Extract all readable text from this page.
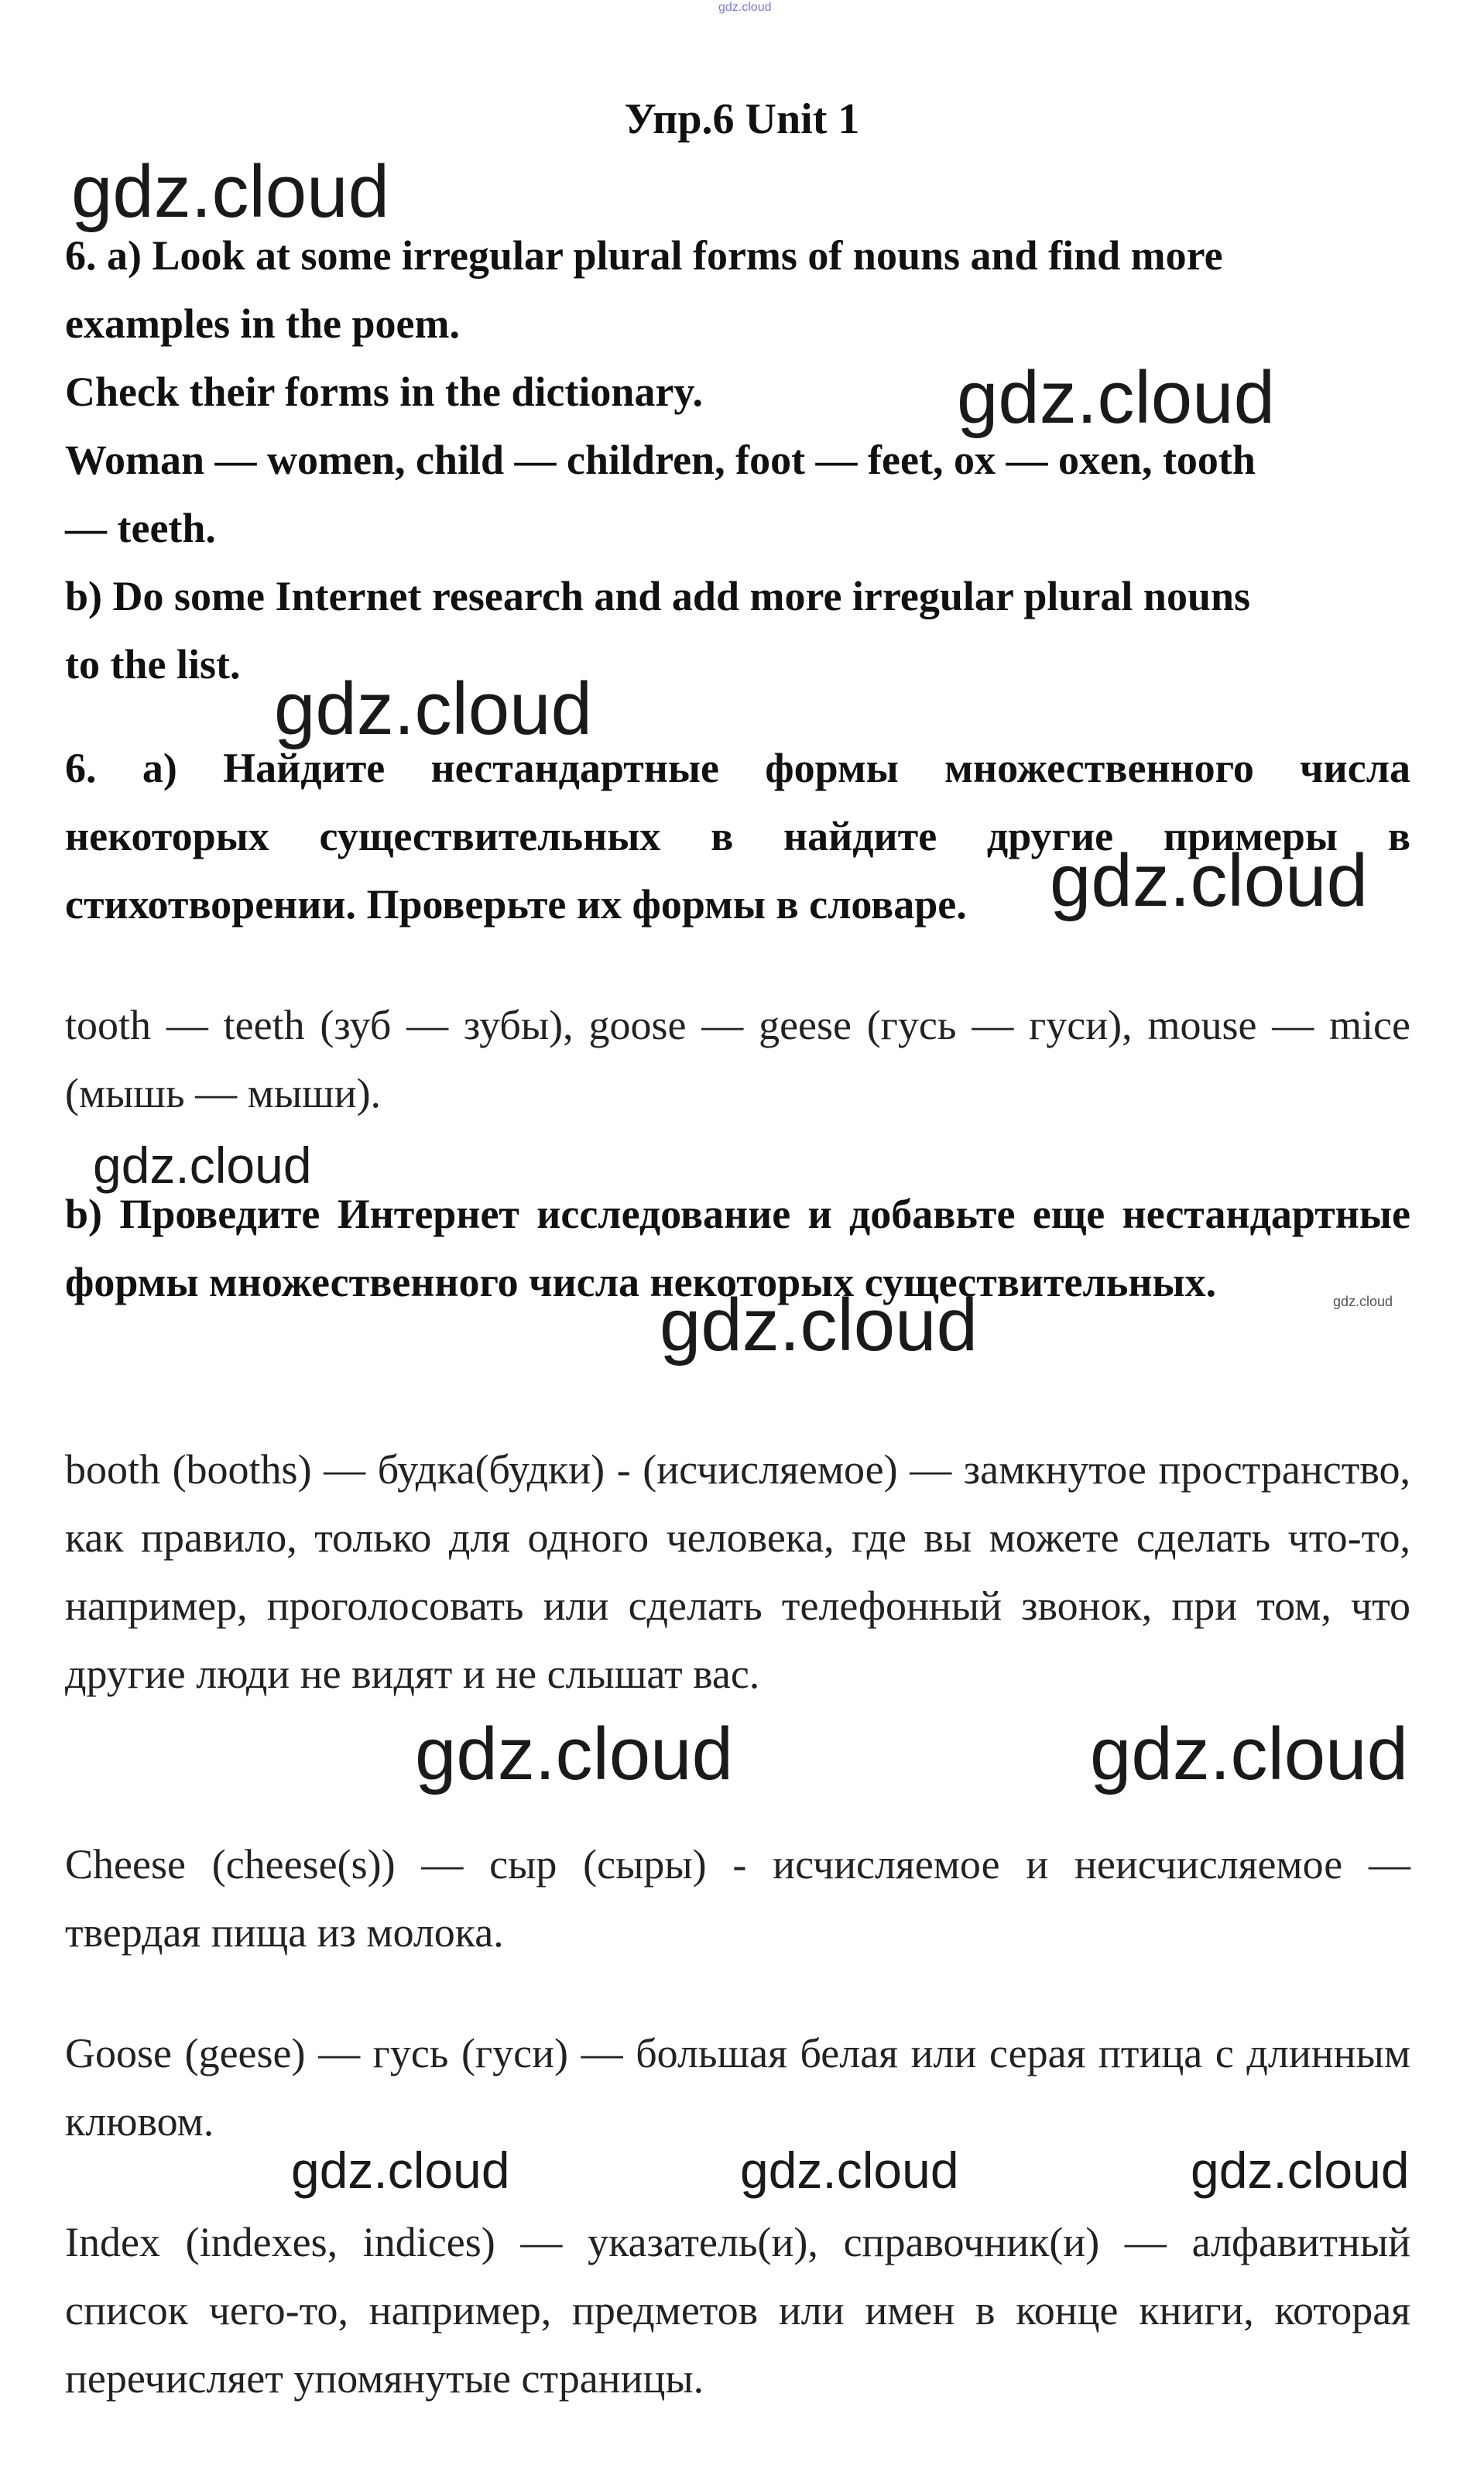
gdz.cloud
Упр.6 Unit 1
6. a) Look at some irregular plural forms of nouns and find more
examples in the poem.
Check their forms in the dictionary.
Woman — women, child — children, foot — feet, ox — oxen, tooth
— teeth.
b) Do some Internet research and add more irregular plural nouns
to the list.

6. а) Найдите нестандартные формы множественного числа некоторых существительных в найдите другие примеры в стихотворении. Проверьте их формы в словаре.

tooth — teeth (зуб — зубы), goose — geese (гусь — гуси), mouse — mice (мышь — мыши).

b) Проведите Интернет исследование и добавьте еще нестандартные формы множественного числа некоторых существительных.

booth (booths) — будка(будки) - (исчисляемое) — замкнутое пространство, как правило, только для одного человека, где вы можете сделать что-то, например, проголосовать или сделать телефонный звонок, при том, что другие люди не видят и не слышат вас.

Cheese (cheese(s)) — сыр (сыры) - исчисляемое и неисчисляемое — твердая пища из молока.

Goose (geese) — гусь (гуси) — большая белая или серая птица с длинным клювом.

Index (indexes, indices) — указатель(и), справочник(и) — алфавитный список чего-то, например, предметов или имен в конце книги, которая перечисляет упомянутые страницы.

gdz.cloud
gdz.cloud
gdz.cloud
gdz.cloud
gdz.cloud
gdz.cloud
gdz.cloud
gdz.cloud	gdz.cloud
gdz.cloud	gdz.cloud	gdz.cloud
